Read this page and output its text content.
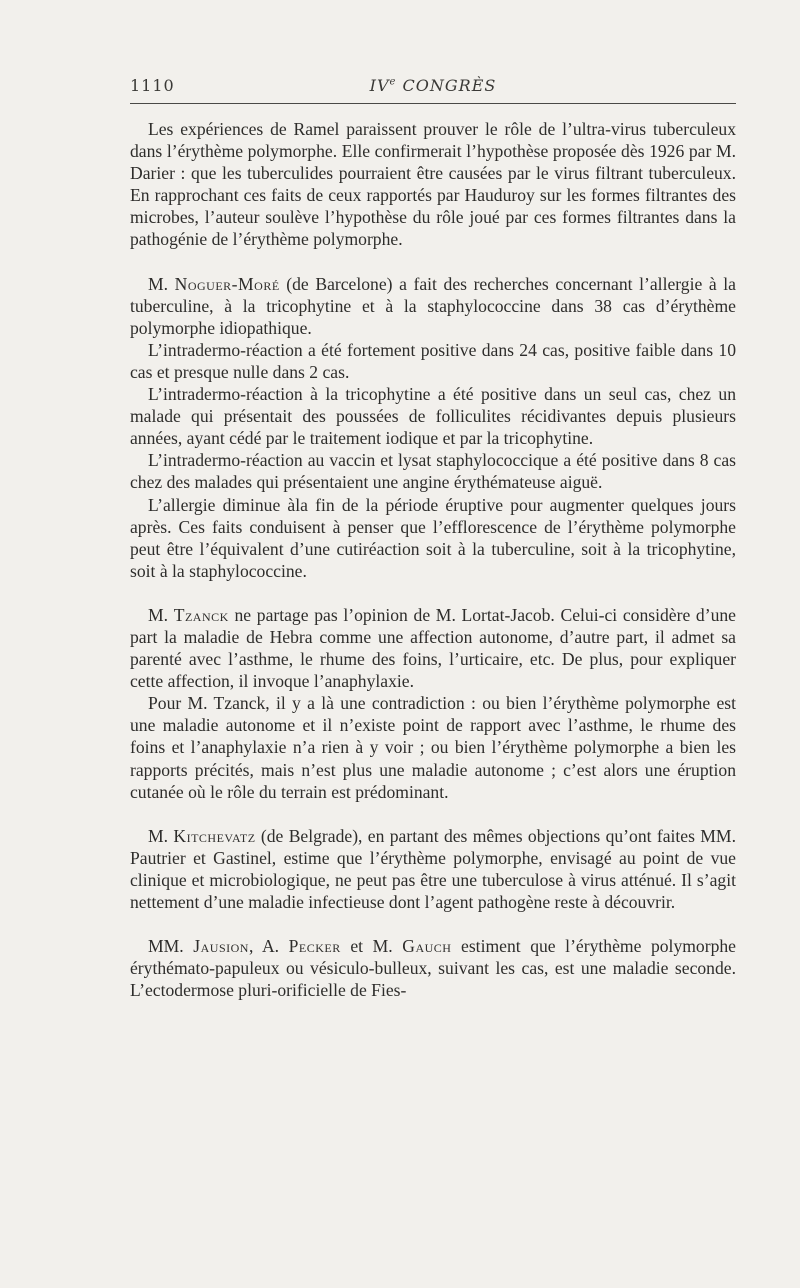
1110	IVe CONGRÈS

Les expériences de Ramel paraissent prouver le rôle de l’ultra-virus tuberculeux dans l’érythème polymorphe. Elle confirmerait l’hypothèse proposée dès 1926 par M. Darier : que les tuberculides pourraient être causées par le virus filtrant tuberculeux. En rapprochant ces faits de ceux rapportés par Hauduroy sur les formes filtrantes des microbes, l’auteur soulève l’hypothèse du rôle joué par ces formes filtrantes dans la pathogénie de l’érythème polymorphe.

M. Noguer-Moré (de Barcelone) a fait des recherches concernant l’allergie à la tuberculine, à la tricophytine et à la staphylococcine dans 38 cas d’érythème polymorphe idiopathique.

L’intradermo-réaction a été fortement positive dans 24 cas, positive faible dans 10 cas et presque nulle dans 2 cas.

L’intradermo-réaction à la tricophytine a été positive dans un seul cas, chez un malade qui présentait des poussées de folliculites récidivantes depuis plusieurs années, ayant cédé par le traitement iodique et par la tricophytine.

L’intradermo-réaction au vaccin et lysat staphylococcique a été positive dans 8 cas chez des malades qui présentaient une angine érythémateuse aiguë.

L’allergie diminue àla fin de la période éruptive pour augmenter quelques jours après. Ces faits conduisent à penser que l’efflorescence de l’érythème polymorphe peut être l’équivalent d’une cutiréaction soit à la tuberculine, soit à la tricophytine, soit à la staphylococcine.

M. Tzanck ne partage pas l’opinion de M. Lortat-Jacob. Celui-ci considère d’une part la maladie de Hebra comme une affection autonome, d’autre part, il admet sa parenté avec l’asthme, le rhume des foins, l’urticaire, etc. De plus, pour expliquer cette affection, il invoque l’anaphylaxie.

Pour M. Tzanck, il y a là une contradiction : ou bien l’érythème polymorphe est une maladie autonome et il n’existe point de rapport avec l’asthme, le rhume des foins et l’anaphylaxie n’a rien à y voir ; ou bien l’érythème polymorphe a bien les rapports précités, mais n’est plus une maladie autonome ; c’est alors une éruption cutanée où le rôle du terrain est prédominant.

M. Kitchevatz (de Belgrade), en partant des mêmes objections qu’ont faites MM. Pautrier et Gastinel, estime que l’érythème polymorphe, envisagé au point de vue clinique et microbiologique, ne peut pas être une tuberculose à virus atténué. Il s’agit nettement d’une maladie infectieuse dont l’agent pathogène reste à découvrir.

MM. Jausion, A. Pecker et M. Gauch estiment que l’érythème polymorphe érythémato-papuleux ou vésiculo-bulleux, suivant les cas, est une maladie seconde. L’ectodermose pluri-orificielle de Fies-
